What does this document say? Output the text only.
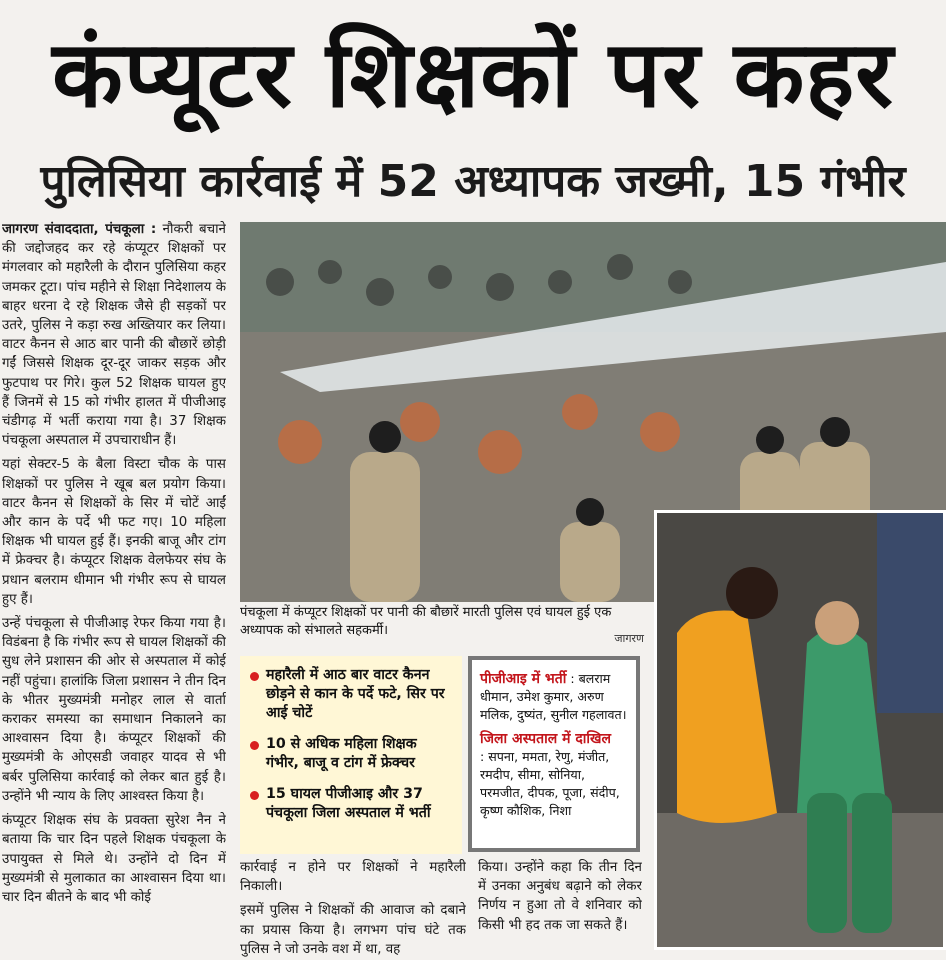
कंप्यूटर शिक्षकों पर कहर
पुलिसिया कार्रवाई में 52 अध्यापक जख्मी, 15 गंभीर

जागरण संवाददाता, पंचकूला : नौकरी बचाने की जद्दोजहद कर रहे कंप्यूटर शिक्षकों पर मंगलवार को महारैली के दौरान पुलिसिया कहर जमकर टूटा। पांच महीने से शिक्षा निदेशालय के बाहर धरना दे रहे शिक्षक जैसे ही सड़कों पर उतरे, पुलिस ने कड़ा रुख अख्तियार कर लिया। वाटर कैनन से आठ बार पानी की बौछारें छोड़ी गईं जिससे शिक्षक दूर-दूर जाकर सड़क और फुटपाथ पर गिरे। कुल 52 शिक्षक घायल हुए हैं जिनमें से 15 को गंभीर हालत में पीजीआइ चंडीगढ़ में भर्ती कराया गया है। 37 शिक्षक पंचकूला अस्पताल में उपचाराधीन हैं।

यहां सेक्टर-5 के बैला विस्टा चौक के पास शिक्षकों पर पुलिस ने खूब बल प्रयोग किया। वाटर कैनन से शिक्षकों के सिर में चोटें आईं और कान के पर्दे भी फट गए। 10 महिला शिक्षक भी घायल हुई हैं। इनकी बाजू और टांग में फ्रेक्चर है। कंप्यूटर शिक्षक वेलफेयर संघ के प्रधान बलराम धीमान भी गंभीर रूप से घायल हुए हैं।

उन्हें पंचकूला से पीजीआइ रेफर किया गया है। विडंबना है कि गंभीर रूप से घायल शिक्षकों की सुध लेने प्रशासन की ओर से अस्पताल में कोई नहीं पहुंचा। हालांकि जिला प्रशासन ने तीन दिन के भीतर मुख्यमंत्री मनोहर लाल से वार्ता कराकर समस्या का समाधान निकालने का आश्वासन दिया है। कंप्यूटर शिक्षकों की मुख्यमंत्री के ओएसडी जवाहर यादव से भी बर्बर पुलिसिया कार्रवाई को लेकर बात हुई है। उन्होंने भी न्याय के लिए आश्वस्त किया है।

कंप्यूटर शिक्षक संघ के प्रवक्ता सुरेश नैन ने बताया कि चार दिन पहले शिक्षक पंचकूला के उपायुक्त से मिले थे। उन्होंने दो दिन में मुख्यमंत्री से मुलाकात का आश्वासन दिया था। चार दिन बीतने के बाद भी कोई

पंचकूला में कंप्यूटर शिक्षकों पर पानी की बौछारें मारती पुलिस एवं घायल हुई एक अध्यापक को संभालते सहकर्मी।
जागरण
महारैली में आठ बार वाटर कैनन छोड़ने से कान के पर्दे फटे, सिर पर आई चोटें
10 से अधिक महिला शिक्षक गंभीर, बाजू व टांग में फ्रेक्चर
15 घायल पीजीआइ और 37 पंचकूला जिला अस्पताल में भर्ती
पीजीआइ में भर्ती : बलराम धीमान, उमेश कुमार, अरुण मलिक, दुष्यंत, सुनील गहलावत।
जिला अस्पताल में दाखिल
: सपना, ममता, रेणु, मंजीत, रमदीप, सीमा, सोनिया, परमजीत, दीपक, पूजा, संदीप, कृष्ण कौशिक, निशा

कार्रवाई न होने पर शिक्षकों ने महारैली निकाली।

इसमें पुलिस ने शिक्षकों की आवाज को दबाने का प्रयास किया है। लगभग पांच घंटे तक पुलिस ने जो उनके वश में था, वह

किया। उन्होंने कहा कि तीन दिन में उनका अनुबंध बढ़ाने को लेकर निर्णय न हुआ तो वे शनिवार को किसी भी हद तक जा सकते हैं।
